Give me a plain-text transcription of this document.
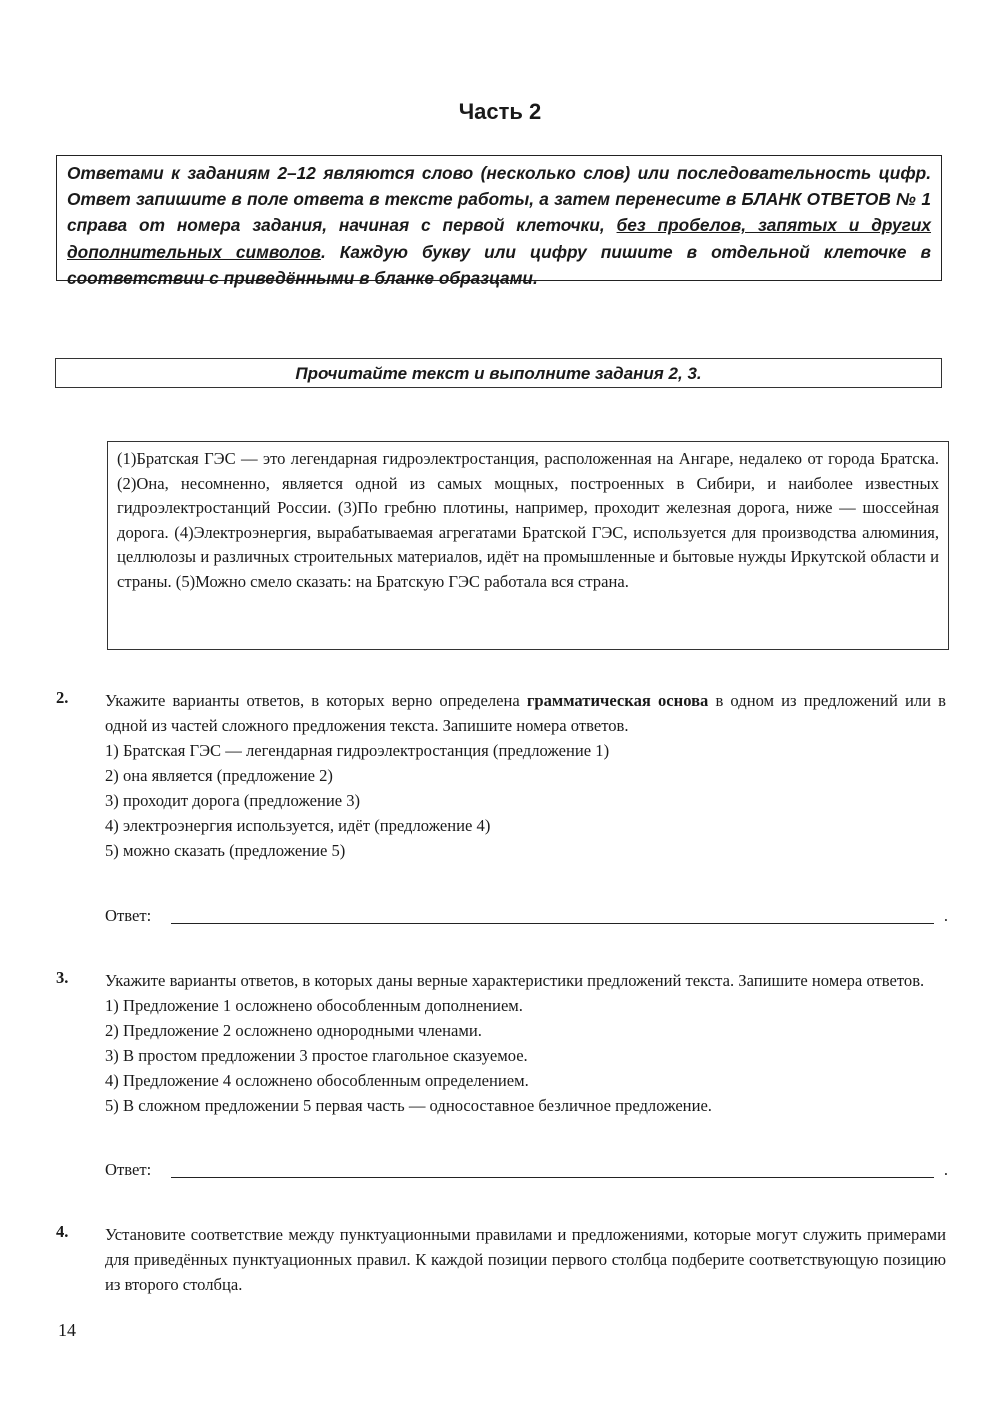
Часть 2
Ответами к заданиям 2–12 являются слово (несколько слов) или последовательность цифр. Ответ запишите в поле ответа в тексте работы, а затем перенесите в БЛАНК ОТВЕТОВ № 1 справа от номера задания, начиная с первой клеточки, без пробелов, запятых и других дополнительных символов. Каждую букву или цифру пишите в отдельной клеточке в соответствии с приведёнными в бланке образцами.
Прочитайте текст и выполните задания 2, 3.

(1)Братская ГЭС — это легендарная гидроэлектростанция, расположенная на Ангаре, недалеко от города Братска. (2)Она, несомненно, является одной из самых мощных, построенных в Сибири, и наиболее известных гидроэлектростанций России. (3)По гребню плотины, например, проходит железная дорога, ниже — шоссейная дорога. (4)Электроэнергия, вырабатываемая агрегатами Братской ГЭС, используется для производства алюминия, целлюлозы и различных строительных материалов, идёт на промышленные и бытовые нужды Иркутской области и страны. (5)Можно смело сказать: на Братскую ГЭС работала вся страна.

2. Укажите варианты ответов, в которых верно определена грамматическая основа в одном из предложений или в одной из частей сложного предложения текста. Запишите номера ответов.

1) Братская ГЭС — легендарная гидроэлектростанция (предложение 1)
2) она является (предложение 2)
3) проходит дорога (предложение 3)
4) электроэнергия используется, идёт (предложение 4)
5) можно сказать (предложение 5)
Ответ:	.
3. Укажите варианты ответов, в которых даны верные характеристики предложений текста. Запишите номера ответов.

1) Предложение 1 осложнено обособленным дополнением.
2) Предложение 2 осложнено однородными членами.
3) В простом предложении 3 простое глагольное сказуемое.
4) Предложение 4 осложнено обособленным определением.
5) В сложном предложении 5 первая часть — односоставное безличное предложение.
Ответ:	.
4. Установите соответствие между пунктуационными правилами и предложениями, которые могут служить примерами для приведённых пунктуационных правил. К каждой позиции первого столбца подберите соответствующую позицию из второго столбца.

14
